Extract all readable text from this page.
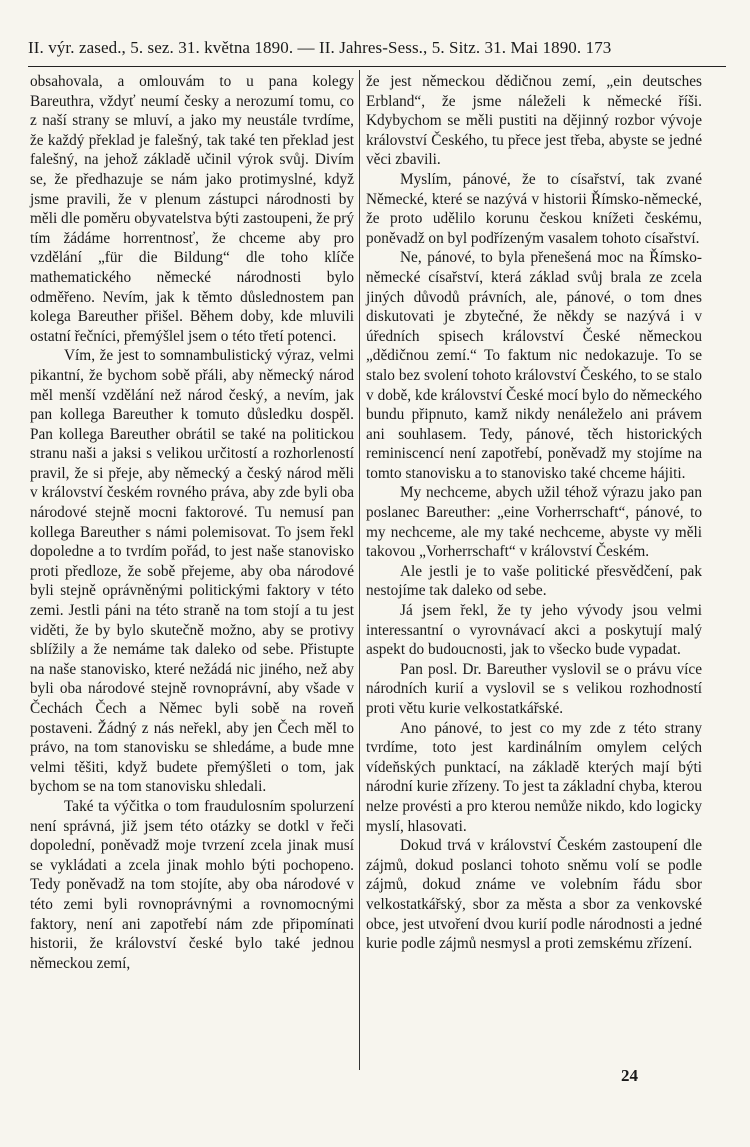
II. výr. zased., 5. sez. 31. května 1890. — II. Jahres-Sess., 5. Sitz. 31. Mai 1890. 173

obsahovala, a omlouvám to u pana kolegy Bareuthra, vždyť neumí česky a nerozumí tomu, co z naší strany se mluví, a jako my neustále tvrdíme, že každý překlad je falešný, tak také ten překlad jest falešný, na jehož základě učinil výrok svůj. Divím se, že předhazuje se nám jako protimyslné, když jsme pravili, že v plenum zástupci národnosti by měli dle poměru obyvatelstva býti zastoupeni, že prý tím žádáme horrentnosť, že chceme aby pro vzdělání „für die Bildung“ dle toho klíče mathematického německé národnosti bylo odměřeno. Nevím, jak k těmto důslednostem pan kolega Bareuther přišel. Během doby, kde mluvili ostatní řečníci, přemýšlel jsem o této třetí potenci.

Vím, že jest to somnambulistický výraz, velmi pikantní, že bychom sobě přáli, aby německý národ měl menší vzdělání než národ český, a nevím, jak pan kollega Bareuther k tomuto důsledku dospěl. Pan kollega Bareuther obrátil se také na politickou stranu naši a jaksi s velikou určitostí a rozhorleností pravil, že si přeje, aby německý a český národ měli v království českém rovného práva, aby zde byli oba národové stejně mocni faktorové. Tu nemusí pan kollega Bareuther s námi polemisovat. To jsem řekl dopoledne a to tvrdím pořád, to jest naše stanovisko proti předloze, že sobě přejeme, aby oba národové byli stejně oprávněnými politickými faktory v této zemi. Jestli páni na této straně na tom stojí a tu jest viděti, že by bylo skutečně možno, aby se protivy sblížily a že nemáme tak daleko od sebe. Přistupte na naše stanovisko, které nežádá nic jiného, než aby byli oba národové stejně rovnoprávní, aby všade v Čechách Čech a Němec byli sobě na roveň postaveni. Žádný z nás neřekl, aby jen Čech měl to právo, na tom stanovisku se shledáme, a bude mne velmi těšiti, když budete přemýšleti o tom, jak bychom se na tom stanovisku shledali.

Také ta výčitka o tom fraudulosním spolurzení není správná, již jsem této otázky se dotkl v řeči dopolední, poněvadž moje tvrzení zcela jinak musí se vykládati a zcela jinak mohlo býti pochopeno. Tedy poněvadž na tom stojíte, aby oba národové v této zemi byli rovnoprávnými a rovnomocnými faktory, není ani zapotřebí nám zde připomínati historii, že království české bylo také jednou německou zemí,

že jest německou dědičnou zemí, „ein deutsches Erbland“, že jsme náleželi k německé říši. Kdybychom se měli pustiti na dějinný rozbor vývoje království Českého, tu přece jest třeba, abyste se jedné věci zbavili.

Myslím, pánové, že to císařství, tak zvané Německé, které se nazývá v historii Římsko-německé, že proto udělilo korunu českou knížeti českému, poněvadž on byl podřízeným vasalem tohoto císařství.

Ne, pánové, to byla přenešená moc na Římsko-německé císařství, která základ svůj brala ze zcela jiných důvodů právních, ale, pánové, o tom dnes diskutovati je zbytečné, že někdy se nazývá i v úředních spisech království České německou „dědičnou zemí.“ To faktum nic nedokazuje. To se stalo bez svolení tohoto království Českého, to se stalo v době, kde království České mocí bylo do německého bundu připnuto, kamž nikdy nenáleželo ani právem ani souhlasem. Tedy, pánové, těch historických reminiscencí není zapotřebí, poněvadž my stojíme na tomto stanovisku a to stanovisko také chceme hájiti.

My nechceme, abych užil téhož výrazu jako pan poslanec Bareuther: „eine Vorherrschaft“, pánové, to my nechceme, ale my také nechceme, abyste vy měli takovou „Vorherrschaft“ v království Českém.

Ale jestli je to vaše politické přesvědčení, pak nestojíme tak daleko od sebe.

Já jsem řekl, že ty jeho vývody jsou velmi interessantní o vyrovnávací akci a poskytují malý aspekt do budoucnosti, jak to všecko bude vypadat.

Pan posl. Dr. Bareuther vyslovil se o právu více národních kurií a vyslovil se s velikou rozhodností proti větu kurie velkostatkářské.

Ano pánové, to jest co my zde z této strany tvrdíme, toto jest kardinálním omylem celých vídeňských punktací, na základě kterých mají býti národní kurie zřízeny. To jest ta základní chyba, kterou nelze provésti a pro kterou nemůže nikdo, kdo logicky myslí, hlasovati.

Dokud trvá v království Českém zastoupení dle zájmů, dokud poslanci tohoto sněmu volí se podle zájmů, dokud známe ve volebním řádu sbor velkostatkářský, sbor za města a sbor za venkovské obce, jest utvoření dvou kurií podle národnosti a jedné kurie podle zájmů nesmysl a proti zemskému zřízení.

24
